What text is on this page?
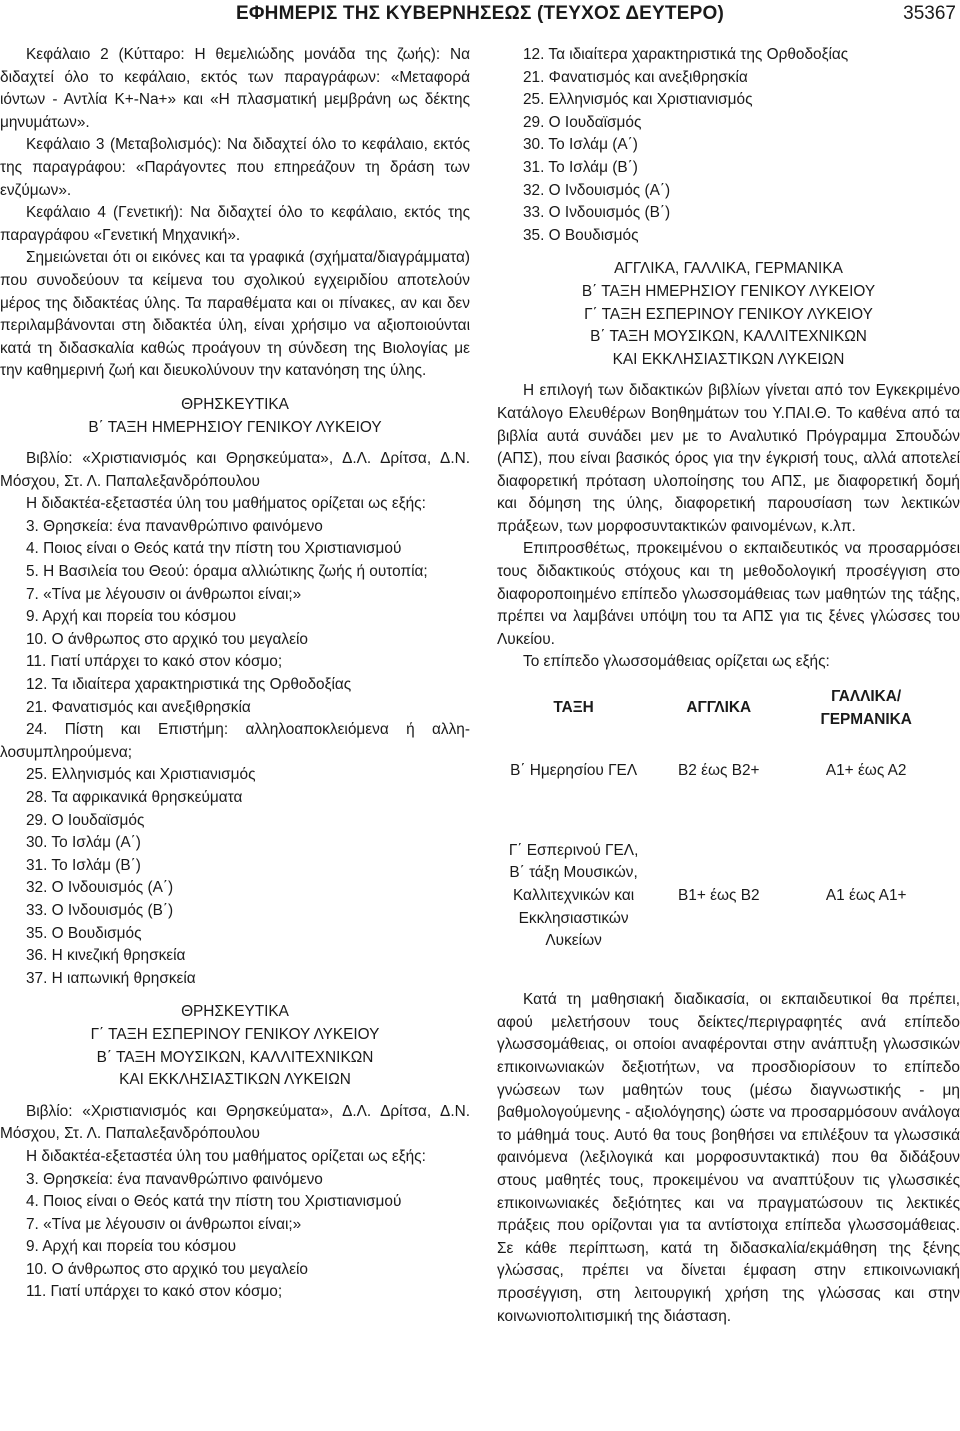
ΕΦΗΜΕΡΙΣ ΤΗΣ ΚΥΒΕΡΝΗΣΕΩΣ (ΤΕΥΧΟΣ ΔΕΥΤΕΡΟ)	35367

Κεφάλαιο 2 (Κύτταρο: Η θεμελιώδης μονάδα της ζωής): Να διδαχτεί όλο το κεφάλαιο, εκτός των παραγράφων: «Μεταφορά ιόντων - Αντλία K+-Na+» και «Η πλασματική μεμβράνη ως δέκτης μηνυμάτων».

Κεφάλαιο 3 (Μεταβολισμός): Να διδαχτεί όλο το κεφάλαιο, εκτός της παραγράφου: «Παράγοντες που επηρεάζουν τη δράση των ενζύμων».

Κεφάλαιο 4 (Γενετική): Να διδαχτεί όλο το κεφάλαιο, εκτός της παραγράφου «Γενετική Μηχανική».

Σημειώνεται ότι οι εικόνες και τα γραφικά (σχήματα/διαγράμματα) που συνοδεύουν τα κείμενα του σχολικού εγχειριδίου αποτελούν μέρος της διδακτέας ύλης. Τα παραθέματα και οι πίνακες, αν και δεν περιλαμβάνονται στη διδακτέα ύλη, είναι χρήσιμο να αξιοποιούνται κατά τη διδασκαλία καθώς προάγουν τη σύνδεση της Βιολογίας με την καθημερινή ζωή και διευκολύνουν την κατανόηση της ύλης.

ΘΡΗΣΚΕΥΤΙΚΑ

Β΄ ΤΑΞΗ ΗΜΕΡΗΣΙΟΥ ΓΕΝΙΚΟΥ ΛΥΚΕΙΟΥ

Βιβλίο: «Χριστιανισμός και Θρησκεύματα», Δ.Λ. Δρίτσα, Δ.Ν. Μόσχου, Στ. Λ. Παπαλεξανδρόπουλου

Η διδακτέα-εξεταστέα ύλη του μαθήματος ορίζεται ως εξής:

3. Θρησκεία: ένα πανανθρώπινο φαινόμενο

4. Ποιος είναι ο Θεός κατά την πίστη του Χριστιανισμού

5. Η Βασιλεία του Θεού: όραμα αλλιώτικης ζωής ή ουτοπία;

7. «Τίνα με λέγουσιν οι άνθρωποι είναι;»

9. Αρχή και πορεία του κόσμου

10. Ο άνθρωπος στο αρχικό του μεγαλείο

11. Γιατί υπάρχει το κακό στον κόσμο;

12. Τα ιδιαίτερα χαρακτηριστικά της Ορθοδοξίας

21. Φανατισμός και ανεξιθρησκία

24. Πίστη και Επιστήμη: αλληλοαποκλειόμενα ή αλληλοσυμπληρούμενα;

25. Ελληνισμός και Χριστιανισμός

28. Τα αφρικανικά θρησκεύματα

29. Ο Ιουδαϊσμός

30. Το Ισλάμ (Α΄)

31. Το Ισλάμ (Β΄)

32. Ο Ινδουισμός (Α΄)

33. Ο Ινδουισμός (Β΄)

35. Ο Βουδισμός

36. Η κινεζική θρησκεία

37. Η ιαπωνική θρησκεία

ΘΡΗΣΚΕΥΤΙΚΑ

Γ΄ ΤΑΞΗ ΕΣΠΕΡΙΝΟΥ ΓΕΝΙΚΟΥ ΛΥΚΕΙΟΥ

Β΄ ΤΑΞΗ ΜΟΥΣΙΚΩΝ, ΚΑΛΛΙΤΕΧΝΙΚΩΝ

ΚΑΙ ΕΚΚΛΗΣΙΑΣΤΙΚΩΝ ΛΥΚΕΙΩΝ

Βιβλίο: «Χριστιανισμός και Θρησκεύματα», Δ.Λ. Δρίτσα, Δ.Ν. Μόσχου, Στ. Λ. Παπαλεξανδρόπουλου

Η διδακτέα-εξεταστέα ύλη του μαθήματος ορίζεται ως εξής:

3. Θρησκεία: ένα πανανθρώπινο φαινόμενο

4. Ποιος είναι ο Θεός κατά την πίστη του Χριστιανισμού

7. «Τίνα με λέγουσιν οι άνθρωποι είναι;»

9. Αρχή και πορεία του κόσμου

10. Ο άνθρωπος στο αρχικό του μεγαλείο

11. Γιατί υπάρχει το κακό στον κόσμο;

12. Τα ιδιαίτερα χαρακτηριστικά της Ορθοδοξίας

21. Φανατισμός και ανεξιθρησκία

25. Ελληνισμός και Χριστιανισμός

29. Ο Ιουδαϊσμός

30. Το Ισλάμ (Α΄)

31. Το Ισλάμ (Β΄)

32. Ο Ινδουισμός (Α΄)

33. Ο Ινδουισμός (Β΄)

35. Ο Βουδισμός

ΑΓΓΛΙΚΑ, ΓΑΛΛΙΚΑ, ΓΕΡΜΑΝΙΚΑ

Β΄ ΤΑΞΗ ΗΜΕΡΗΣΙΟΥ ΓΕΝΙΚΟΥ ΛΥΚΕΙΟΥ

Γ΄ ΤΑΞΗ ΕΣΠΕΡΙΝΟΥ ΓΕΝΙΚΟΥ ΛΥΚΕΙΟΥ

Β΄ ΤΑΞΗ ΜΟΥΣΙΚΩΝ, ΚΑΛΛΙΤΕΧΝΙΚΩΝ

ΚΑΙ ΕΚΚΛΗΣΙΑΣΤΙΚΩΝ ΛΥΚΕΙΩΝ

Η επιλογή των διδακτικών βιβλίων γίνεται από τον Εγκεκριμένο Κατάλογο Ελευθέρων Βοηθημάτων του Υ.ΠΑΙ.Θ. Το καθένα από τα βιβλία αυτά συνάδει μεν με το Αναλυτικό Πρόγραμμα Σπουδών (ΑΠΣ), που είναι βασικός όρος για την έγκρισή τους, αλλά αποτελεί διαφορετική πρόταση υλοποίησης του ΑΠΣ, με διαφορετική δομή και δόμηση της ύλης, διαφορετική παρουσίαση των λεκτικών πράξεων, των μορφοσυντακτικών φαινομένων, κ.λπ.

Επιπροσθέτως, προκειμένου ο εκπαιδευτικός να προσαρμόσει τους διδακτικούς στόχους και τη μεθοδολογική προσέγγιση στο διαφοροποιημένο επίπεδο γλωσσομάθειας των μαθητών της τάξης, πρέπει να λαμβάνει υπόψη του τα ΑΠΣ για τις ξένες γλώσσες του Λυκείου.

Το επίπεδο γλωσσομάθειας ορίζεται ως εξής:

ΤΑΞΗ	ΑΓΓΛΙΚΑ	ΓΑΛΛΙΚΑ/ ΓΕΡΜΑΝΙΚΑ
Β΄ Ημερησίου ΓΕΛ	Β2 έως Β2+	Α1+ έως Α2
Γ΄ Εσπερινού ΓΕΛ, Β΄ τάξη Μουσικών, Καλλιτεχνικών και Εκκλησιαστικών Λυκείων	Β1+ έως Β2	Α1 έως Α1+

Κατά τη μαθησιακή διαδικασία, οι εκπαιδευτικοί θα πρέπει, αφού μελετήσουν τους δείκτες/περιγραφητές ανά επίπεδο γλωσσομάθειας, οι οποίοι αναφέρονται στην ανάπτυξη γλωσσικών επικοινωνιακών δεξιοτήτων, να προσδιορίσουν το επίπεδο γνώσεων των μαθητών τους (μέσω διαγνωστικής - μη βαθμολογούμενης - αξιολόγησης) ώστε να προσαρμόσουν ανάλογα το μάθημά τους. Αυτό θα τους βοηθήσει να επιλέξουν τα γλωσσικά φαινόμενα (λεξιλογικά και μορφοσυντακτικά) που θα διδάξουν στους μαθητές τους, προκειμένου να αναπτύξουν τις γλωσσικές επικοινωνιακές δεξιότητες και να πραγματώσουν τις λεκτικές πράξεις που ορίζονται για τα αντίστοιχα επίπεδα γλωσσομάθειας. Σε κάθε περίπτωση, κατά τη διδασκαλία/εκμάθηση της ξένης γλώσσας, πρέπει να δίνεται έμφαση στην επικοινωνιακή προσέγγιση, στη λειτουργική χρήση της γλώσσας και στην κοινωνιοπολιτισμική της διάσταση.
